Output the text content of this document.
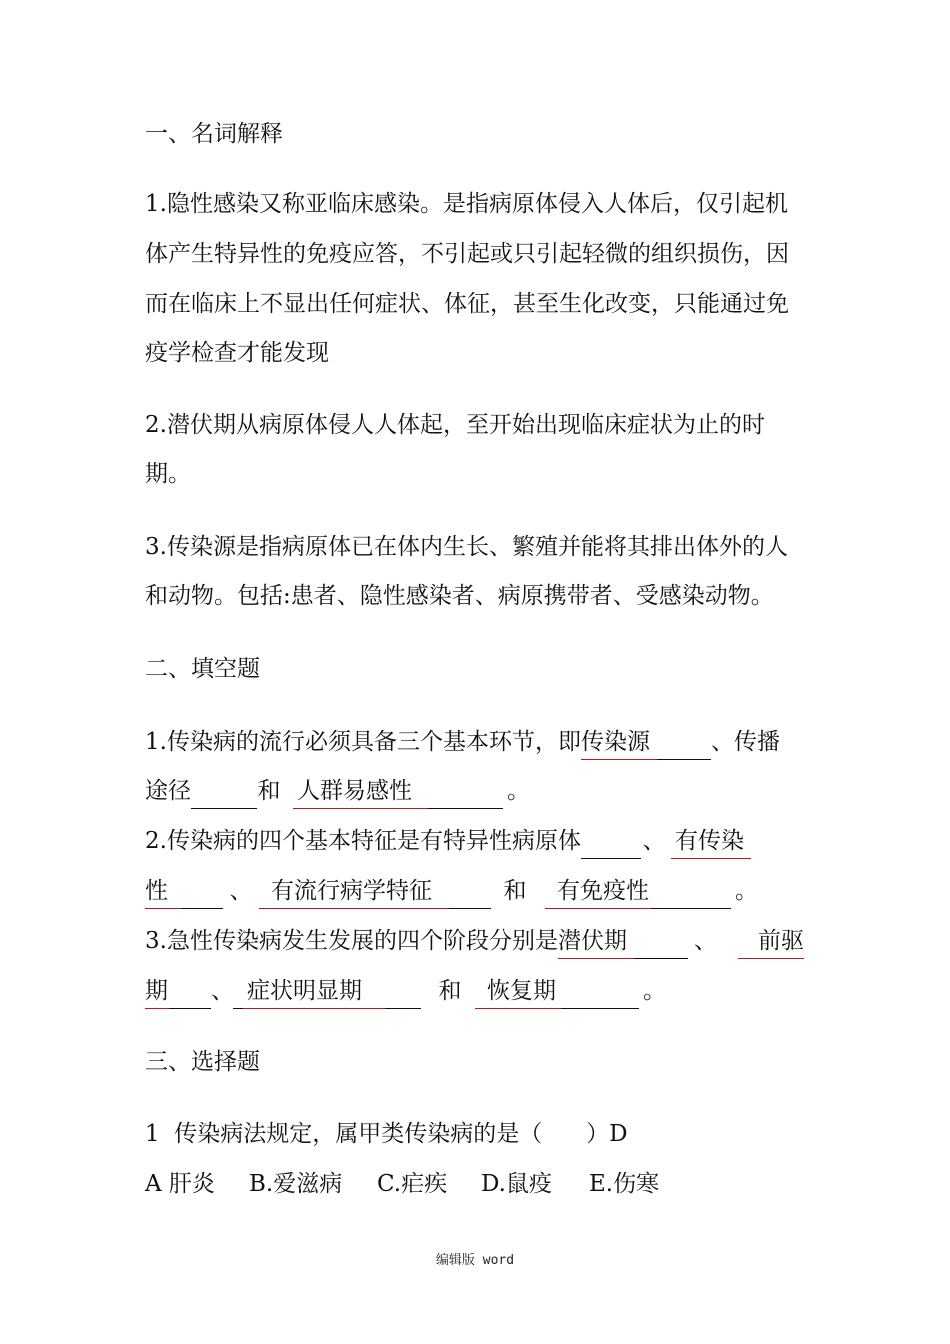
一、名词解释
1.隐性感染又称亚临床感染。是指病原体侵入人体后，仅引起机
体产生特异性的免疫应答，不引起或只引起轻微的组织损伤，因
而在临床上不显出任何症状、体征，甚至生化改变，只能通过免
疫学检查才能发现
2.潜伏期从病原体侵人人体起，至开始出现临床症状为止的时
期。
3.传染源是指病原体已在体内生长、繁殖并能将其排出体外的人
和动物。包括:患者、隐性感染者、病原携带者、受感染动物。
二、填空题
1.传染病的流行必须具备三个基本环节，即传染源	、传播
途径	和 人群易感性	。
2.传染病的四个基本特征是有特异性病原体	、 有传染
性	、 有流行病学特征	和 有免疫性	。
3.急性传染病发生发展的四个阶段分别是潜伏期	、 前驱
期 、 症状明显期	和 恢复期	。
三、选择题
1  传染病法规定，属甲类传染病的是（      ）D
A 肝炎 B.爱滋病 C.疟疾 D.鼠疫 E.伤寒
编辑版 word
